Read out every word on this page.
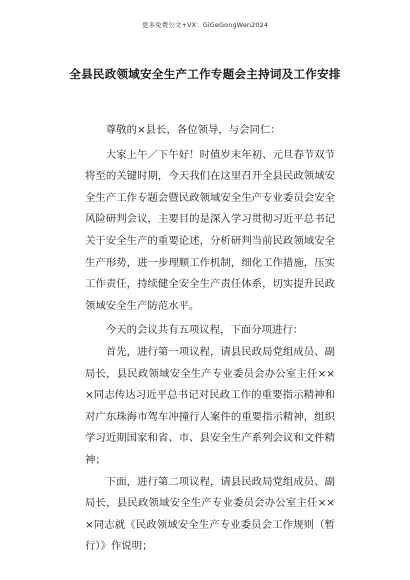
更多免费公文+VX：GiGeGongWen2024
全县民政领域安全生产工作专题会主持词及工作安排

尊敬的×县长，各位领导，与会同仁：

大家上午／下午好！时值岁末年初、元旦春节双节将至的关键时期，今天我们在这里召开全县民政领域安全生产工作专题会暨民政领域安全生产专业委员会安全风险研判会议，主要目的是深入学习贯彻习近平总书记关于安全生产的重要论述，分析研判当前民政领域安全生产形势，进一步理顺工作机制，细化工作措施，压实工作责任，持续健全安全生产责任体系，切实提升民政领域安全生产防范水平。

今天的会议共有五项议程，下面分项进行：

首先，进行第一项议程，请县民政局党组成员、副局长，县民政领域安全生产专业委员会办公室主任×××同志传达习近平总书记对民政工作的重要指示精神和对广东珠海市驾车冲撞行人案件的重要指示精神，组织学习近期国家和省、市、县安全生产系列会议和文件精神；

下面，进行第二项议程，请县民政局党组成员、副局长，县民政领域安全生产专业委员会办公室主任×××同志就《民政领域安全生产专业委员会工作规则（暂行）》作说明；
